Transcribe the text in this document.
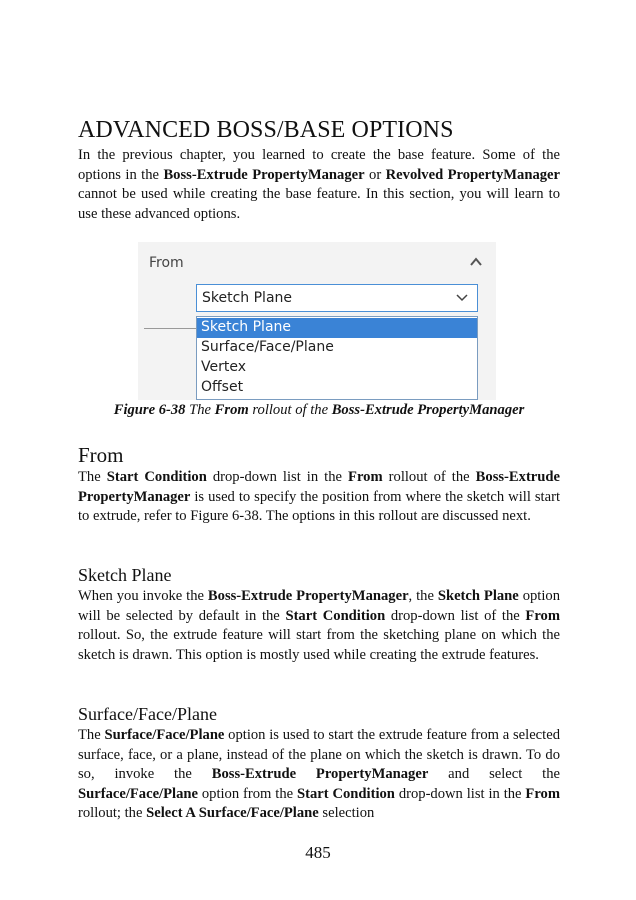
ADVANCED BOSS/BASE OPTIONS

In the previous chapter, you learned to create the base feature. Some of the options in the Boss-Extrude PropertyManager or Revolved PropertyManager cannot be used while creating the base feature. In this section, you will learn to use these advanced options.

From
Sketch Plane
Sketch Plane
Surface/Face/Plane
Vertex
Offset
Figure 6-38 The From rollout of the Boss-Extrude PropertyManager
From

The Start Condition drop-down list in the From rollout of the Boss-Extrude PropertyManager is used to specify the position from where the sketch will start to extrude, refer to Figure 6-38. The options in this rollout are discussed next.

Sketch Plane

When you invoke the Boss-Extrude PropertyManager, the Sketch Plane option will be selected by default in the Start Condition drop-down list of the From rollout. So, the extrude feature will start from the sketching plane on which the sketch is drawn. This option is mostly used while creating the extrude features.

Surface/Face/Plane

The Surface/Face/Plane option is used to start the extrude feature from a selected surface, face, or a plane, instead of the plane on which the sketch is drawn. To do so, invoke the Boss-Extrude PropertyManager and select the Surface/Face/Plane option from the Start Condition drop-down list in the From rollout; the Select A Surface/Face/Plane selection

485
